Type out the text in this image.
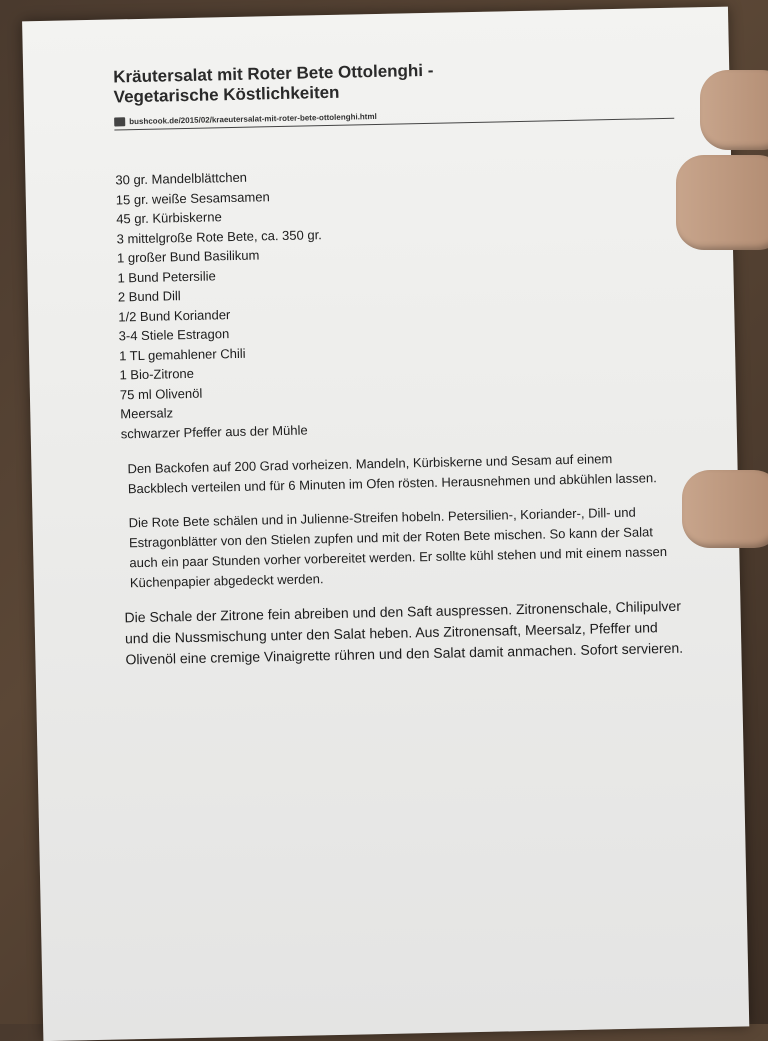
Kräutersalat mit Roter Bete Ottolenghi -
Vegetarische Köstlichkeiten
bushcook.de/2015/02/kraeutersalat-mit-roter-bete-ottolenghi.html
30 gr. Mandelblättchen
15 gr. weiße Sesamsamen
45 gr. Kürbiskerne
3 mittelgroße Rote Bete, ca. 350 gr.
1 großer Bund Basilikum
1 Bund Petersilie
2 Bund Dill
1/2 Bund Koriander
3-4 Stiele Estragon
1 TL gemahlener Chili
1 Bio-Zitrone
75 ml Olivenöl
Meersalz
schwarzer Pfeffer aus der Mühle

Den Backofen auf 200 Grad vorheizen. Mandeln, Kürbiskerne und Sesam auf einem Backblech verteilen und für 6 Minuten im Ofen rösten. Herausnehmen und abkühlen lassen.

Die Rote Bete schälen und in Julienne-Streifen hobeln. Petersilien-, Koriander-, Dill- und Estragonblätter von den Stielen zupfen und mit der Roten Bete mischen. So kann der Salat auch ein paar Stunden vorher vorbereitet werden. Er sollte kühl stehen und mit einem nassen Küchenpapier abgedeckt werden.

Die Schale der Zitrone fein abreiben und den Saft auspressen. Zitronenschale, Chilipulver und die Nussmischung unter den Salat heben. Aus Zitronensaft, Meersalz, Pfeffer und Olivenöl eine cremige Vinaigrette rühren und den Salat damit anmachen. Sofort servieren.
